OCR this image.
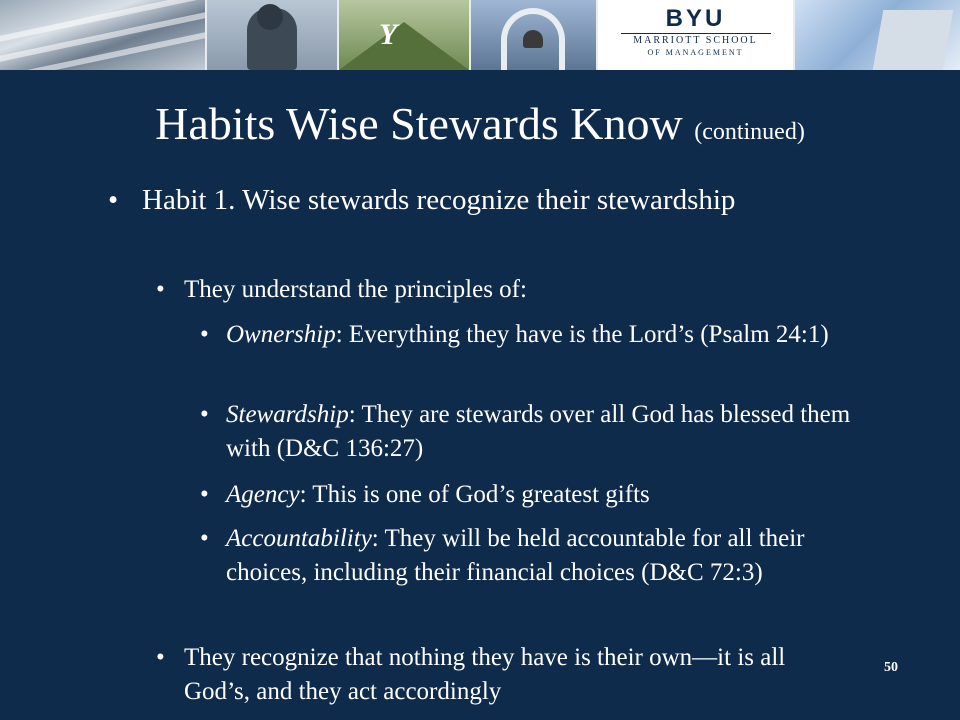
Y	BYU
MARRIOTT SCHOOL
OF MANAGEMENT
Habits Wise Stewards Know (continued)
• Habit 1. Wise stewards recognize their stewardship
• They understand the principles of:
• Ownership: Everything they have is the Lord’s (Psalm 24:1)
• Stewardship: They are stewards over all God has blessed them with (D&C 136:27)
• Agency: This is one of God’s greatest gifts
• Accountability: They will be held accountable for all their choices, including their financial choices (D&C 72:3)
• They recognize that nothing they have is their own—it is all God’s, and they act accordingly
50
